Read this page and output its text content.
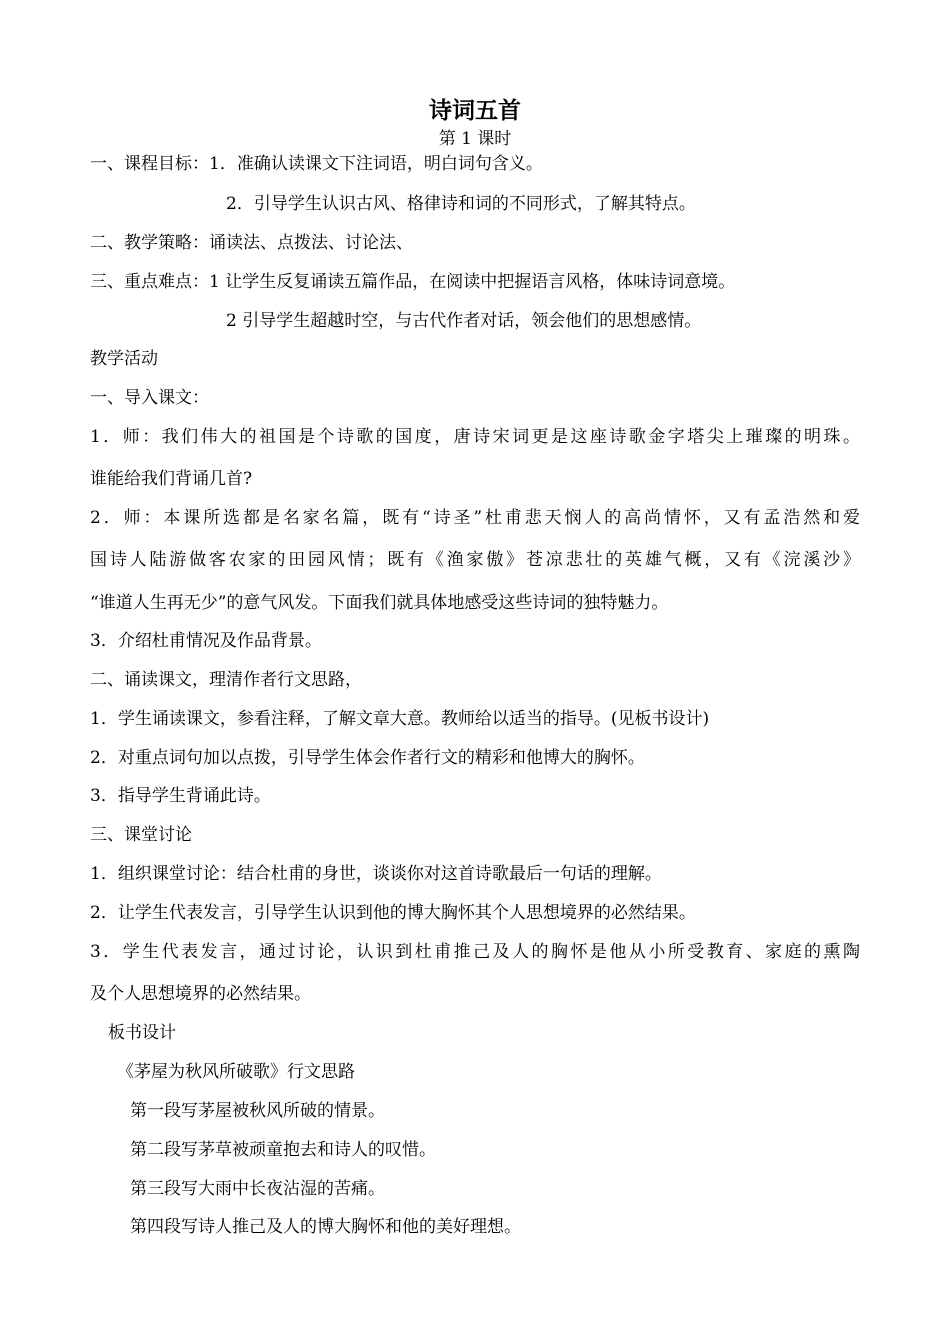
诗词五首
第 1 课时
一、课程目标：1．准确认读课文下注词语，明白词句含义。
2．引导学生认识古风、格律诗和词的不同形式，了解其特点。
二、教学策略：诵读法、点拨法、讨论法、
三、重点难点：1 让学生反复诵读五篇作品，在阅读中把握语言风格，体味诗词意境。
2 引导学生超越时空，与古代作者对话，领会他们的思想感情。
教学活动
一、导入课文：
1．师：我们伟大的祖国是个诗歌的国度，唐诗宋词更是这座诗歌金字塔尖上璀璨的明珠。
谁能给我们背诵几首?
2．师：本课所选都是名家名篇，既有“诗圣”杜甫悲天悯人的高尚情怀，又有孟浩然和爱
国诗人陆游做客农家的田园风情；既有《渔家傲》苍凉悲壮的英雄气概，又有《浣溪沙》
“谁道人生再无少”的意气风发。下面我们就具体地感受这些诗词的独特魅力。
3．介绍杜甫情况及作品背景。
二、诵读课文，理清作者行文思路，
1．学生诵读课文，参看注释，了解文章大意。教师给以适当的指导。(见板书设计)
2．对重点词句加以点拨，引导学生体会作者行文的精彩和他博大的胸怀。
3．指导学生背诵此诗。
三、课堂讨论
1．组织课堂讨论：结合杜甫的身世，谈谈你对这首诗歌最后一句话的理解。
2．让学生代表发言，引导学生认识到他的博大胸怀其个人思想境界的必然结果。
3．学生代表发言，通过讨论，认识到杜甫推己及人的胸怀是他从小所受教育、家庭的熏陶
及个人思想境界的必然结果。
板书设计
《茅屋为秋风所破歌》行文思路
第一段写茅屋被秋风所破的情景。
第二段写茅草被顽童抱去和诗人的叹惜。
第三段写大雨中长夜沾湿的苦痛。
第四段写诗人推己及人的博大胸怀和他的美好理想。
